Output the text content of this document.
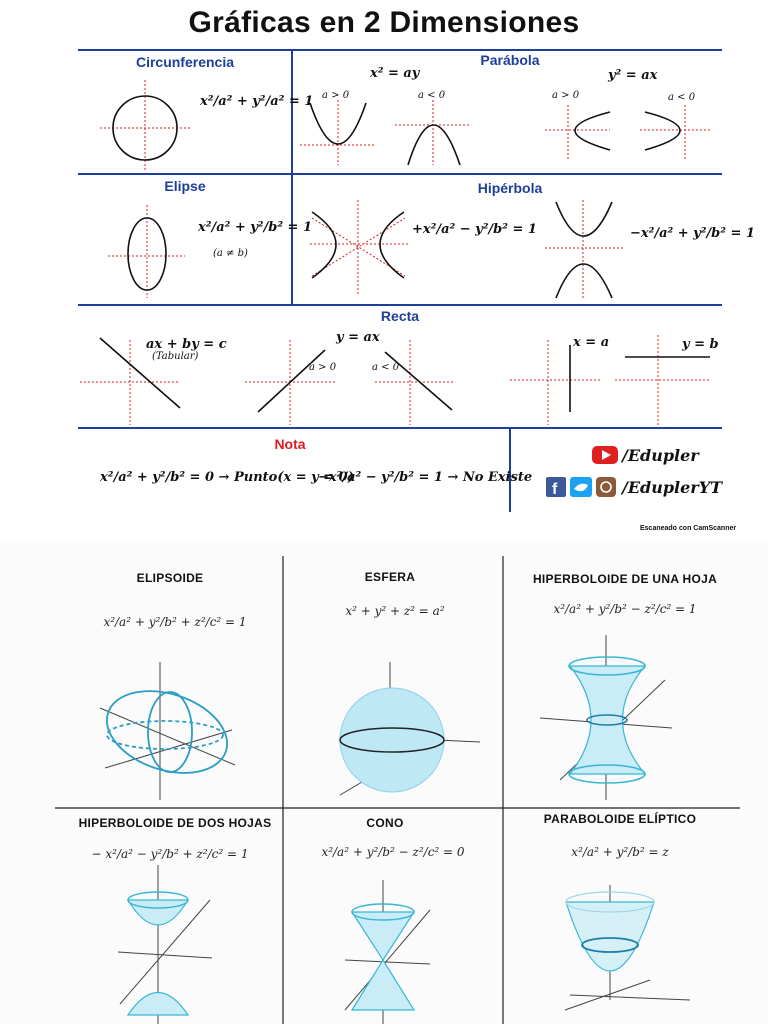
Gráficas en 2 Dimensiones
f
Circunferencia	Parábola
Elipse	Hipérbola
Recta
x²/a² + y²/a² = 1
x² = ay	y² = ax
a > 0	a < 0	a > 0	a < 0
x²/a² + y²/b² = 1
(a ≠ b)
+x²/a² − y²/b² = 1	−x²/a² + y²/b² = 1
ax + by = c
(Tabular)
y = ax
a > 0	a < 0
x = a	y = b
Nota
x²/a² + y²/b² = 0 → Punto(x = y = 0)
−x²/a² − y²/b² = 1 → No Existe
/Edupler
/EduplerYT
Escaneado con CamScanner
ELIPSOIDE
x²/a² + y²/b² + z²/c² = 1
ESFERA
x² + y² + z² = a²
HIPERBOLOIDE DE UNA HOJA
x²/a² + y²/b² − z²/c² = 1
HIPERBOLOIDE DE DOS HOJAS
− x²/a² − y²/b² + z²/c² = 1
CONO
x²/a² + y²/b² − z²/c² = 0
PARABOLOIDE ELÍPTICO
x²/a² + y²/b² = z
